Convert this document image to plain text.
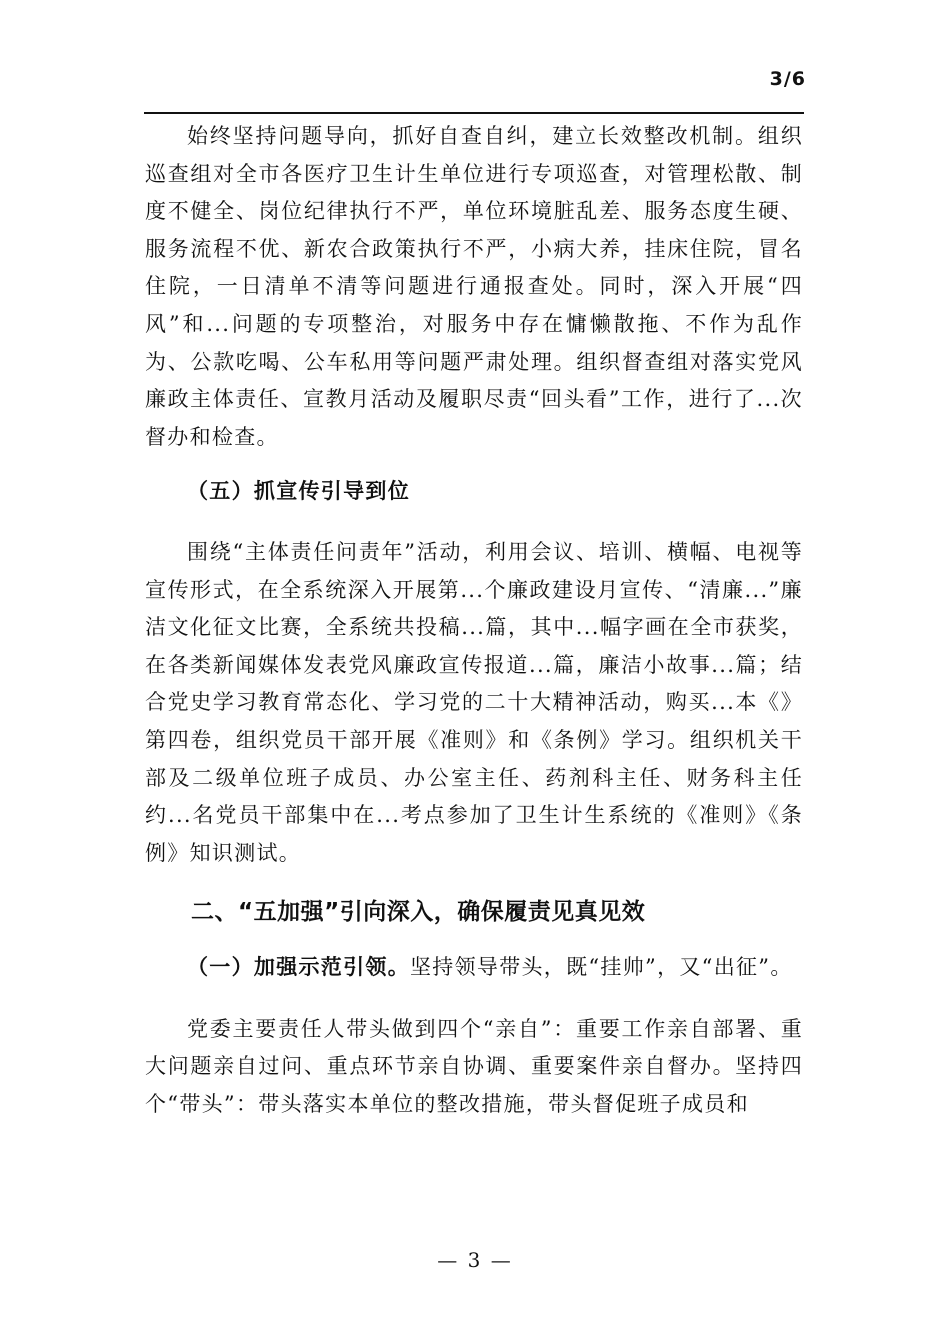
3/6

始终坚持问题导向，抓好自查自纠，建立长效整改机制。组织巡查组对全市各医疗卫生计生单位进行专项巡查，对管理松散、制度不健全、岗位纪律执行不严，单位环境脏乱差、服务态度生硬、服务流程不优、新农合政策执行不严，小病大养，挂床住院，冒名住院，一日清单不清等问题进行通报查处。同时，深入开展“四风”和...问题的专项整治，对服务中存在慵懒散拖、不作为乱作为、公款吃喝、公车私用等问题严肃处理。组织督查组对落实党风廉政主体责任、宣教月活动及履职尽责“回头看”工作，进行了...次督办和检查。

（五）抓宣传引导到位

围绕“主体责任问责年”活动，利用会议、培训、横幅、电视等宣传形式，在全系统深入开展第...个廉政建设月宣传、“清廉...”廉洁文化征文比赛，全系统共投稿...篇，其中...幅字画在全市获奖，在各类新闻媒体发表党风廉政宣传报道...篇，廉洁小故事...篇；结合党史学习教育常态化、学习党的二十大精神活动，购买...本《》第四卷，组织党员干部开展《准则》和《条例》学习。组织机关干部及二级单位班子成员、办公室主任、药剂科主任、财务科主任约...名党员干部集中在...考点参加了卫生计生系统的《准则》《条例》知识测试。

二、“五加强”引向深入，确保履责见真见效

（一）加强示范引领。坚持领导带头，既“挂帅”，又“出征”。

党委主要责任人带头做到四个“亲自”：重要工作亲自部署、重大问题亲自过问、重点环节亲自协调、重要案件亲自督办。坚持四个“带头”：带头落实本单位的整改措施，带头督促班子成员和

— 3 —
